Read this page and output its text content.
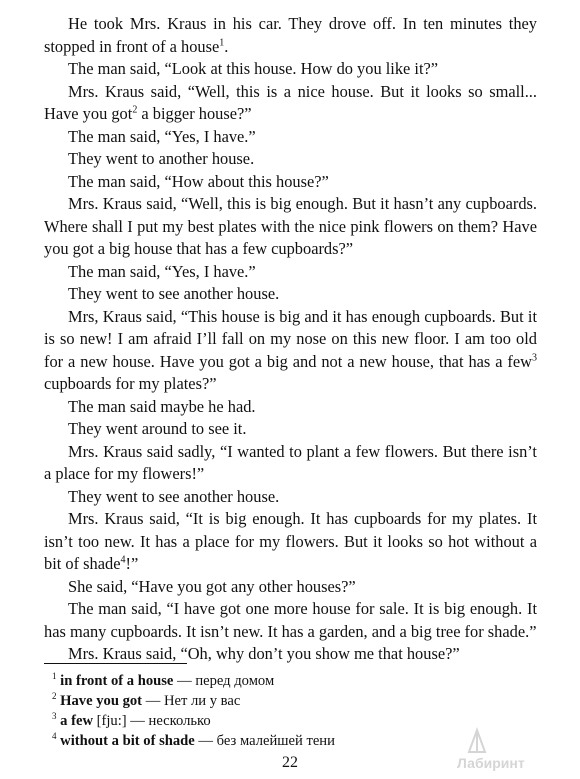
He took Mrs. Kraus in his car. They drove off. In ten minutes they stopped in front of a house$^1$.

The man said, “Look at this house. How do you like it?”

Mrs. Kraus said, “Well, this is a nice house. But it looks so small... Have you got$^2$ a bigger house?”

The man said, “Yes, I have.”

They went to another house.

The man said, “How about this house?”

Mrs. Kraus said, “Well, this is big enough. But it hasn’t any cupboards. Where shall I put my best plates with the nice pink flowers on them? Have you got a big house that has a few cupboards?”

The man said, “Yes, I have.”

They went to see another house.

Mrs, Kraus said, “This house is big and it has enough cupboards. But it is so new! I am afraid I’ll fall on my nose on this new floor. I am too old for a new house. Have you got a big and not a new house, that has a few$^3$ cupboards for my plates?”

The man said maybe he had.

They went around to see it.

Mrs. Kraus said sadly, “I wanted to plant a few flowers. But there isn’t a place for my flowers!”

They went to see another house.

Mrs. Kraus said, “It is big enough. It has cupboards for my plates. It isn’t too new. It has a place for my flowers. But it looks so hot without a bit of shade$^4$!”

She said, “Have you got any other houses?”

The man said, “I have got one more house for sale. It is big enough. It has many cupboards. It isn’t new. It has a garden, and a big tree for shade.”

Mrs. Kraus said, “Oh, why don’t you show me that house?”

$^1$ in front of a house — перед домом

$^2$ Have you got — Нет ли у вас

$^3$ a few [fju:] — несколько

$^4$ without a bit of shade — без малейшей тени

Лабиринт
22
